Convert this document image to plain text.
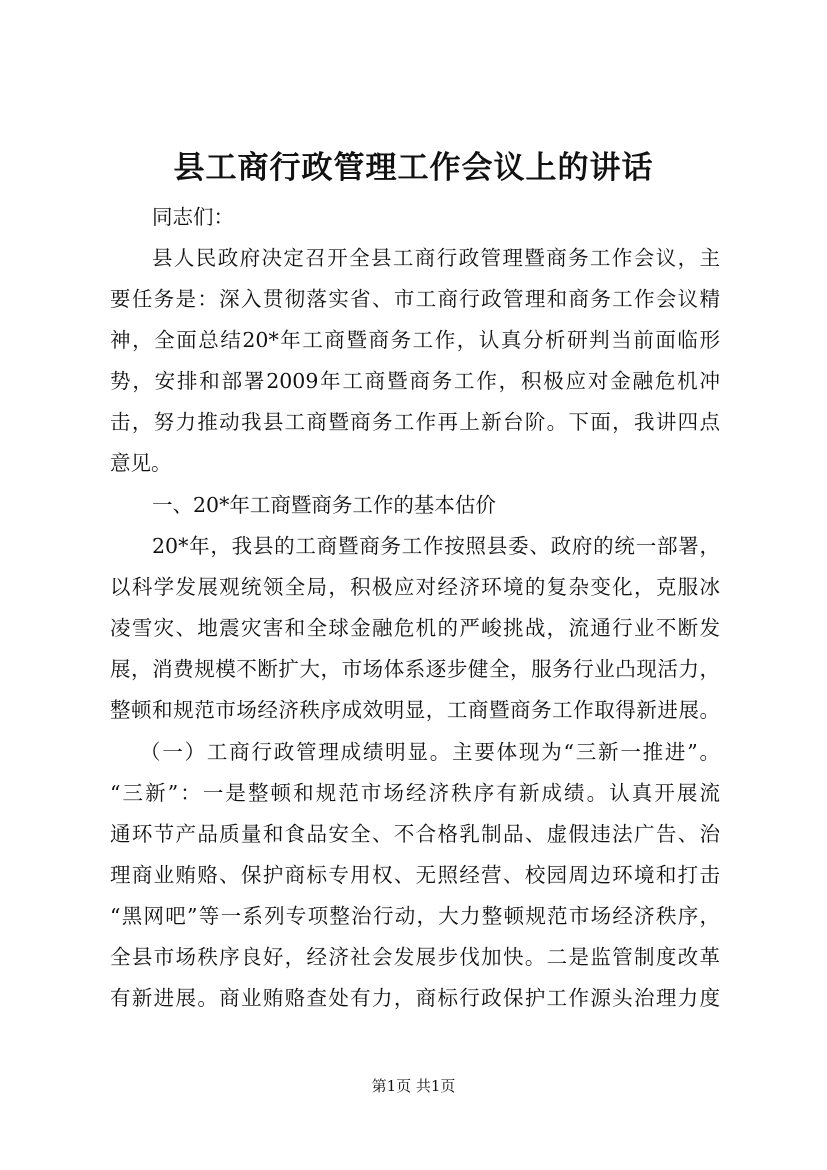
县工商行政管理工作会议上的讲话
同志们：
县人民政府决定召开全县工商行政管理暨商务工作会议，主
要任务是：深入贯彻落实省、市工商行政管理和商务工作会议精
神，全面总结20*年工商暨商务工作，认真分析研判当前面临形
势，安排和部署2009年工商暨商务工作，积极应对金融危机冲
击，努力推动我县工商暨商务工作再上新台阶。下面，我讲四点
意见。
一、20*年工商暨商务工作的基本估价
20*年，我县的工商暨商务工作按照县委、政府的统一部署，
以科学发展观统领全局，积极应对经济环境的复杂变化，克服冰
凌雪灾、地震灾害和全球金融危机的严峻挑战，流通行业不断发
展，消费规模不断扩大，市场体系逐步健全，服务行业凸现活力，
整顿和规范市场经济秩序成效明显，工商暨商务工作取得新进展。
（一）工商行政管理成绩明显。主要体现为“三新一推进”。
“三新”：一是整顿和规范市场经济秩序有新成绩。认真开展流
通环节产品质量和食品安全、不合格乳制品、虚假违法广告、治
理商业贿赂、保护商标专用权、无照经营、校园周边环境和打击
“黑网吧”等一系列专项整治行动，大力整顿规范市场经济秩序，
全县市场秩序良好，经济社会发展步伐加快。二是监管制度改革
有新进展。商业贿赂查处有力，商标行政保护工作源头治理力度
第1页 共1页
